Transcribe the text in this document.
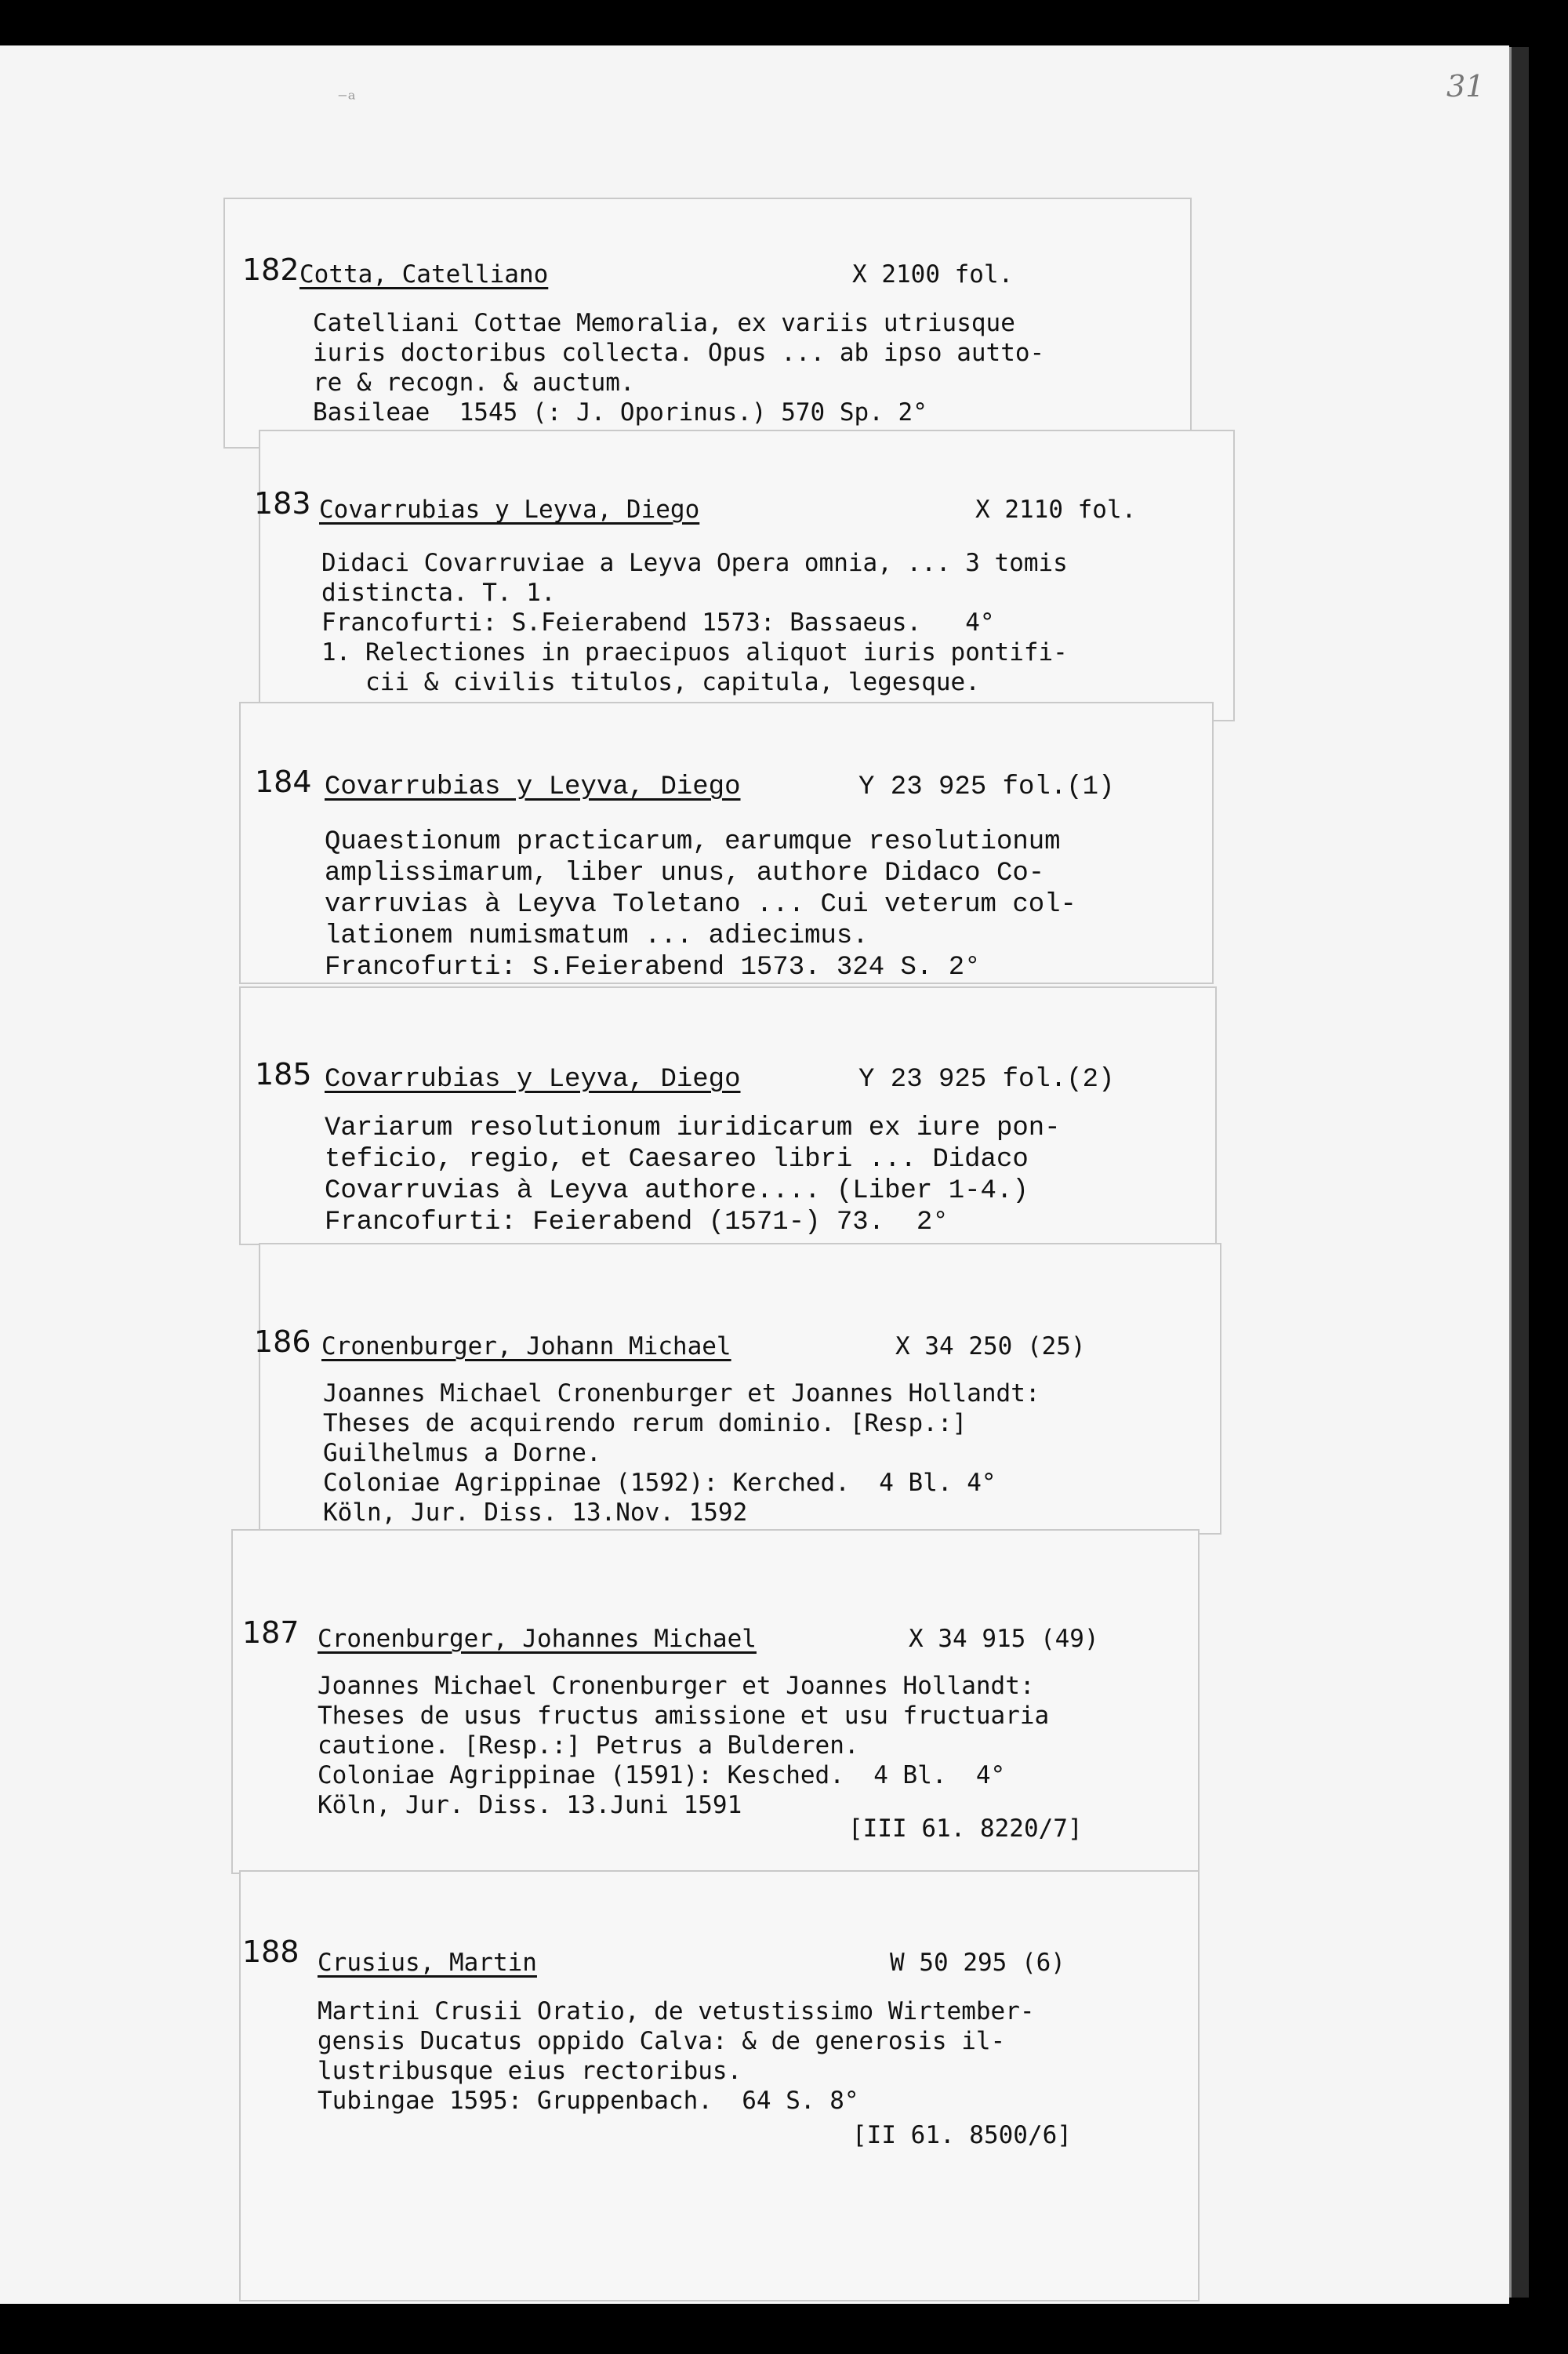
31
⁻ᵃ
182 Cotta, Catelliano	X 2100 fol.
Catelliani Cottae Memoralia, ex variis utriusque
iuris doctoribus collecta. Opus ... ab ipso autto-
re & recogn. & auctum.
Basileae  1545 (: J. Oporinus.) 570 Sp. 2°
183 Covarrubias y Leyva, Diego	X 2110 fol.
Didaci Covarruviae a Leyva Opera omnia, ... 3 tomis
distincta. T. 1.
Francofurti: S.Feierabend 1573: Bassaeus.   4°
1. Relectiones in praecipuos aliquot iuris pontifi-
cii & civilis titulos, capitula, legesque.
184 Covarrubias y Leyva, Diego	Y 23 925 fol.(1)
Quaestionum practicarum, earumque resolutionum
amplissimarum, liber unus, authore Didaco Co-
varruvias à Leyva Toletano ... Cui veterum col-
lationem numismatum ... adiecimus.
Francofurti: S.Feierabend 1573. 324 S. 2°
185 Covarrubias y Leyva, Diego	Y 23 925 fol.(2)
Variarum resolutionum iuridicarum ex iure pon-
teficio, regio, et Caesareo libri ... Didaco
Covarruvias à Leyva authore.... (Liber 1-4.)
Francofurti: Feierabend (1571-) 73.  2°
186 Cronenburger, Johann Michael	X 34 250 (25)
Joannes Michael Cronenburger et Joannes Hollandt:
Theses de acquirendo rerum dominio. [Resp.:]
Guilhelmus a Dorne.
Coloniae Agrippinae (1592): Kerched.  4 Bl. 4°
Köln, Jur. Diss. 13.Nov. 1592
187 Cronenburger, Johannes Michael	X 34 915 (49)
Joannes Michael Cronenburger et Joannes Hollandt:
Theses de usus fructus amissione et usu fructuaria
cautione. [Resp.:] Petrus a Bulderen.
Coloniae Agrippinae (1591): Kesched.  4 Bl.  4°
Köln, Jur. Diss. 13.Juni 1591
[III 61. 8220/7]
188 Crusius, Martin	W 50 295 (6)
Martini Crusii Oratio, de vetustissimo Wirtember-
gensis Ducatus oppido Calva: & de generosis il-
lustribusque eius rectoribus.
Tubingae 1595: Gruppenbach.  64 S. 8°
[II 61. 8500/6]
